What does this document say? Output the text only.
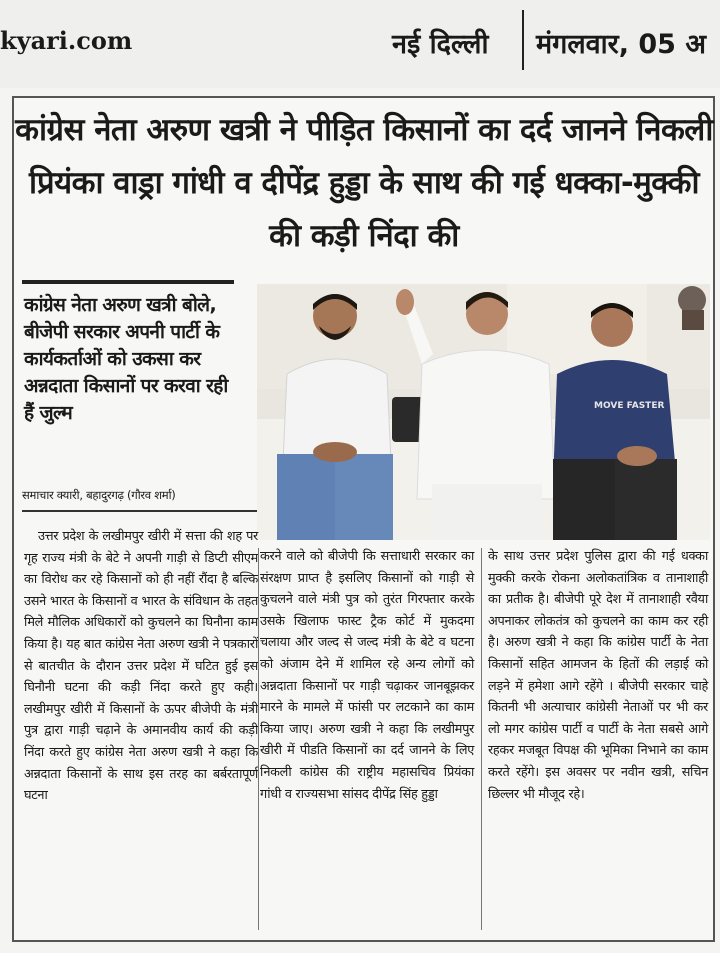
kyari.com	नई दिल्ली मंगलवार, 05 अ
कांग्रेस नेता अरुण खत्री ने पीड़ित किसानों का दर्द जानने निकली प्रियंका वाड्रा गांधी व दीपेंद्र हुड्डा के साथ की गई धक्का-मुक्की की कड़ी निंदा की
कांग्रेस नेता अरुण खत्री बोले, बीजेपी सरकार अपनी पार्टी के कार्यकर्ताओं को उकसा कर अन्नदाता किसानों पर करवा रही हैं जुल्म
समाचार क्यारी, बहादुरगढ़ (गौरव शर्मा)
MOVE FASTER
उत्तर प्रदेश के लखीमपुर खीरी में सत्ता की शह पर गृह राज्य मंत्री के बेटे ने अपनी गाड़ी से डिप्टी सीएम का विरोध कर रहे किसानों को ही नहीं रौंदा है बल्कि उसने भारत के किसानों व भारत के संविधान के तहत मिले मौलिक अधिकारों को कुचलने का घिनौना काम किया है। यह बात कांग्रेस नेता अरुण खत्री ने पत्रकारों से बातचीत के दौरान उत्तर प्रदेश में घटित हुई इस घिनौनी घटना की कड़ी निंदा करते हुए कही। लखीमपुर खीरी में किसानों के ऊपर बीजेपी के मंत्री पुत्र द्वारा गाड़ी चढ़ाने के अमानवीय कार्य की कड़ी निंदा करते हुए कांग्रेस नेता अरुण खत्री ने कहा कि अन्नदाता किसानों के साथ इस तरह का बर्बरतापूर्ण घटना
करने वाले को बीजेपी कि सत्ताधारी सरकार का संरक्षण प्राप्त है इसलिए किसानों को गाड़ी से कुचलने वाले मंत्री पुत्र को तुरंत गिरफ्तार करके उसके खिलाफ फास्ट ट्रैक कोर्ट में मुकदमा चलाया और जल्द से जल्द मंत्री के बेटे व घटना को अंजाम देने में शामिल रहे अन्य लोगों को अन्नदाता किसानों पर गाड़ी चढ़ाकर जानबूझकर मारने के मामले में फांसी पर लटकाने का काम किया जाए। अरुण खत्री ने कहा कि लखीमपुर खीरी में पीडति किसानों का दर्द जानने के लिए निकली कांग्रेस की राष्ट्रीय महासचिव प्रियंका गांधी व राज्यसभा सांसद दीपेंद्र सिंह हुड्डा
के साथ उत्तर प्रदेश पुलिस द्वारा की गई धक्का मुक्की करके रोकना अलोकतांत्रिक व तानाशाही का प्रतीक है। बीजेपी पूरे देश में तानाशाही रवैया अपनाकर लोकतंत्र को कुचलने का काम कर रही है। अरुण खत्री ने कहा कि कांग्रेस पार्टी के नेता किसानों सहित आमजन के हितों की लड़ाई को लड़ने में हमेशा आगे रहेंगे । बीजेपी सरकार चाहे कितनी भी अत्याचार कांग्रेसी नेताओं पर भी कर लो मगर कांग्रेस पार्टी व पार्टी के नेता सबसे आगे रहकर मजबूत विपक्ष की भूमिका निभाने का काम करते रहेंगे। इस अवसर पर नवीन खत्री, सचिन छिल्लर भी मौजूद रहे।
